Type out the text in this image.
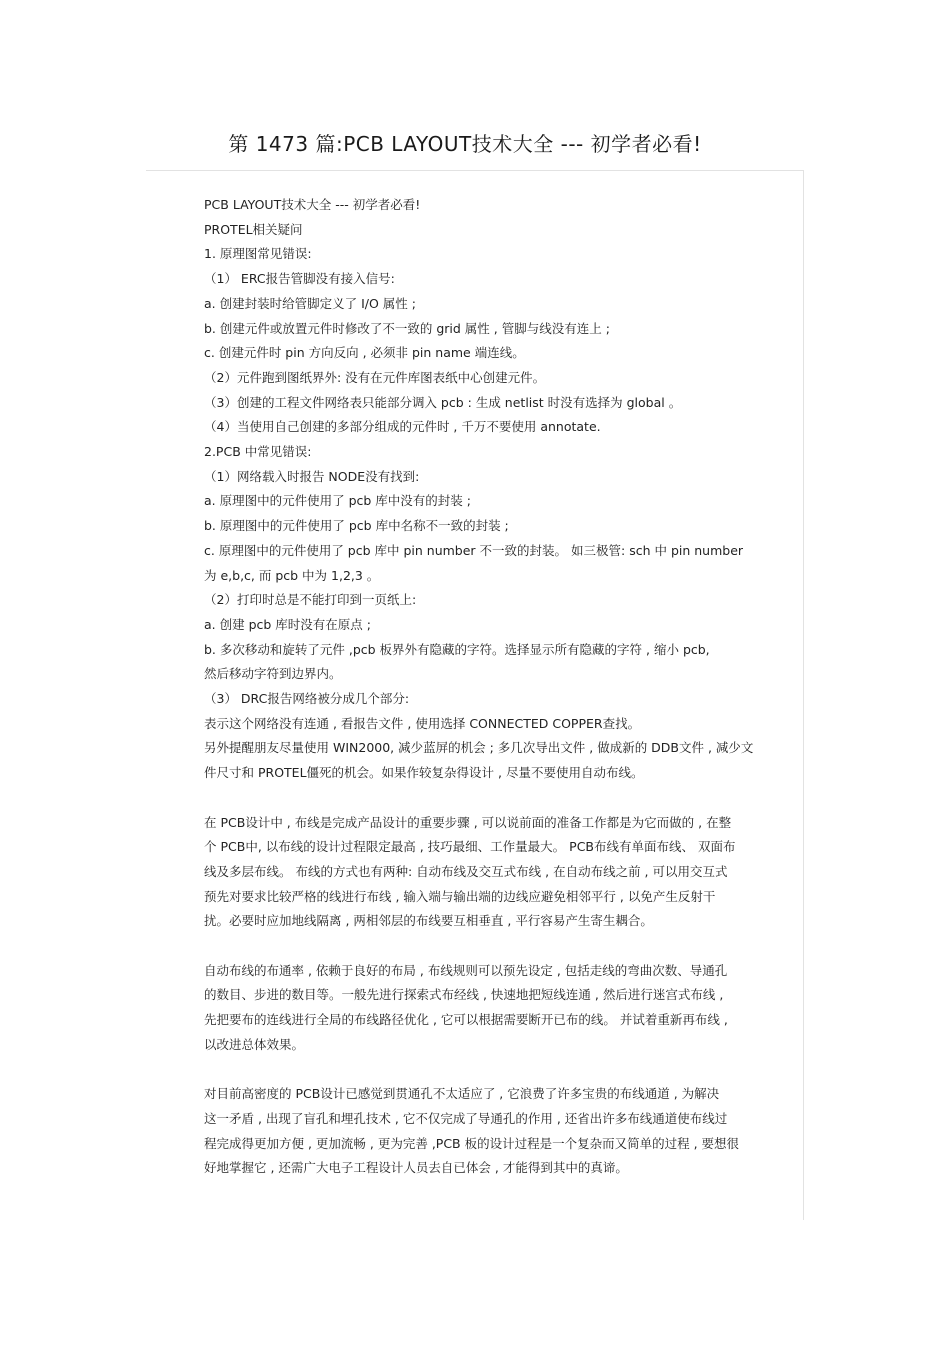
第 1473 篇:PCB LAYOUT技术大全 --- 初学者必看!
PCB LAYOUT技术大全 --- 初学者必看!
PROTEL相关疑问
1. 原理图常见错误:
（1） ERC报告管脚没有接入信号:
a. 创建封装时给管脚定义了 I/O 属性 ;
b. 创建元件或放置元件时修改了不一致的 grid 属性 , 管脚与线没有连上 ;
c. 创建元件时 pin 方向反向 , 必须非 pin name 端连线。
（2）元件跑到图纸界外: 没有在元件库图表纸中心创建元件。
（3）创建的工程文件网络表只能部分调入 pcb : 生成 netlist 时没有选择为 global 。
（4）当使用自己创建的多部分组成的元件时 , 千万不要使用 annotate.
2.PCB 中常见错误:
（1）网络载入时报告 NODE没有找到:
a. 原理图中的元件使用了 pcb 库中没有的封装 ;
b. 原理图中的元件使用了 pcb 库中名称不一致的封装 ;
c. 原理图中的元件使用了 pcb 库中 pin number 不一致的封装。 如三极管: sch 中 pin number
为 e,b,c, 而 pcb 中为 1,2,3 。
（2）打印时总是不能打印到一页纸上:
a. 创建 pcb 库时没有在原点 ;
b. 多次移动和旋转了元件 ,pcb 板界外有隐藏的字符。选择显示所有隐藏的字符 , 缩小 pcb,
然后移动字符到边界内。
（3） DRC报告网络被分成几个部分:
表示这个网络没有连通 , 看报告文件 , 使用选择 CONNECTED COPPER查找。
另外提醒朋友尽量使用 WIN2000, 减少蓝屏的机会 ; 多几次导出文件 , 做成新的 DDB文件 , 减少文
件尺寸和 PROTEL僵死的机会。如果作较复杂得设计 , 尽量不要使用自动布线。
在 PCB设计中 , 布线是完成产品设计的重要步骤 , 可以说前面的准备工作都是为它而做的 , 在整
个 PCB中, 以布线的设计过程限定最高 , 技巧最细、工作量最大。 PCB布线有单面布线、 双面布
线及多层布线。 布线的方式也有两种: 自动布线及交互式布线 , 在自动布线之前 , 可以用交互式
预先对要求比较严格的线进行布线 , 输入端与输出端的边线应避免相邻平行 , 以免产生反射干
扰。必要时应加地线隔离 , 两相邻层的布线要互相垂直 , 平行容易产生寄生耦合。
自动布线的布通率 , 依赖于良好的布局 , 布线规则可以预先设定 , 包括走线的弯曲次数、导通孔
的数目、步进的数目等。一般先进行探索式布经线 , 快速地把短线连通 , 然后进行迷宫式布线 ,
先把要布的连线进行全局的布线路径优化 , 它可以根据需要断开已布的线。 并试着重新再布线 ,
以改进总体效果。
对目前高密度的 PCB设计已感觉到贯通孔不太适应了 , 它浪费了许多宝贵的布线通道 , 为解决
这一矛盾 , 出现了盲孔和埋孔技术 , 它不仅完成了导通孔的作用 , 还省出许多布线通道使布线过
程完成得更加方便 , 更加流畅 , 更为完善 ,PCB 板的设计过程是一个复杂而又简单的过程 , 要想很
好地掌握它 , 还需广大电子工程设计人员去自已体会 , 才能得到其中的真谛。
